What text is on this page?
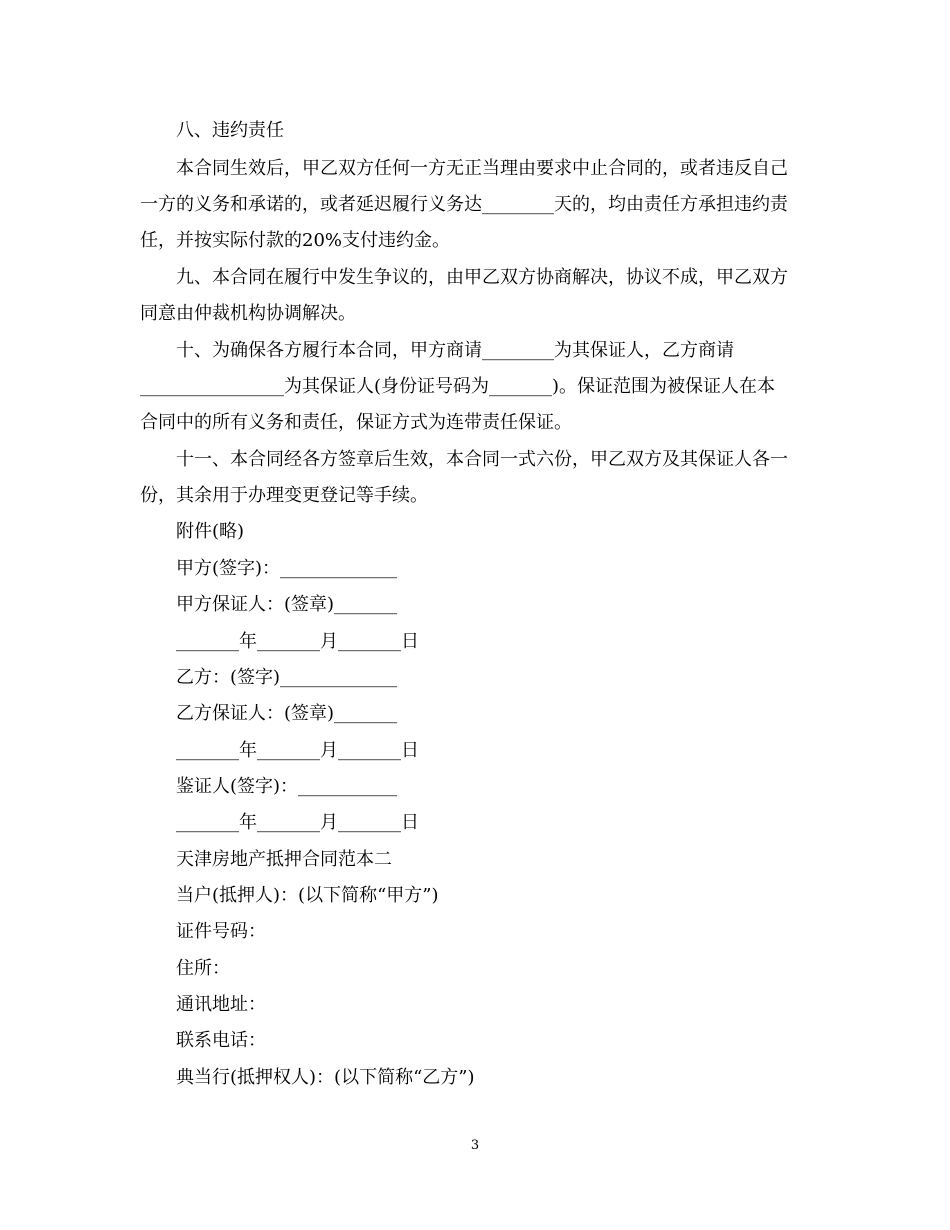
八、违约责任
本合同生效后，甲乙双方任何一方无正当理由要求中止合同的，或者违反自己
一方的义务和承诺的，或者延迟履行义务达________天的，均由责任方承担违约责
任，并按实际付款的20%支付违约金。
九、本合同在履行中发生争议的，由甲乙双方协商解决，协议不成，甲乙双方
同意由仲裁机构协调解决。
十、为确保各方履行本合同，甲方商请________为其保证人，乙方商请
________________为其保证人(身份证号码为_______)。保证范围为被保证人在本
合同中的所有义务和责任，保证方式为连带责任保证。
十一、本合同经各方签章后生效，本合同一式六份，甲乙双方及其保证人各一
份，其余用于办理变更登记等手续。
附件(略)
甲方(签字)：_____________
甲方保证人：(签章)_______
_______年_______月_______日
乙方：(签字)_____________
乙方保证人：(签章)_______
_______年_______月_______日
鉴证人(签字)：___________
_______年_______月_______日
天津房地产抵押合同范本二
当户(抵押人)：(以下简称“甲方”)
证件号码：
住所：
通讯地址：
联系电话：
典当行(抵押权人)：(以下简称“乙方”)
3
